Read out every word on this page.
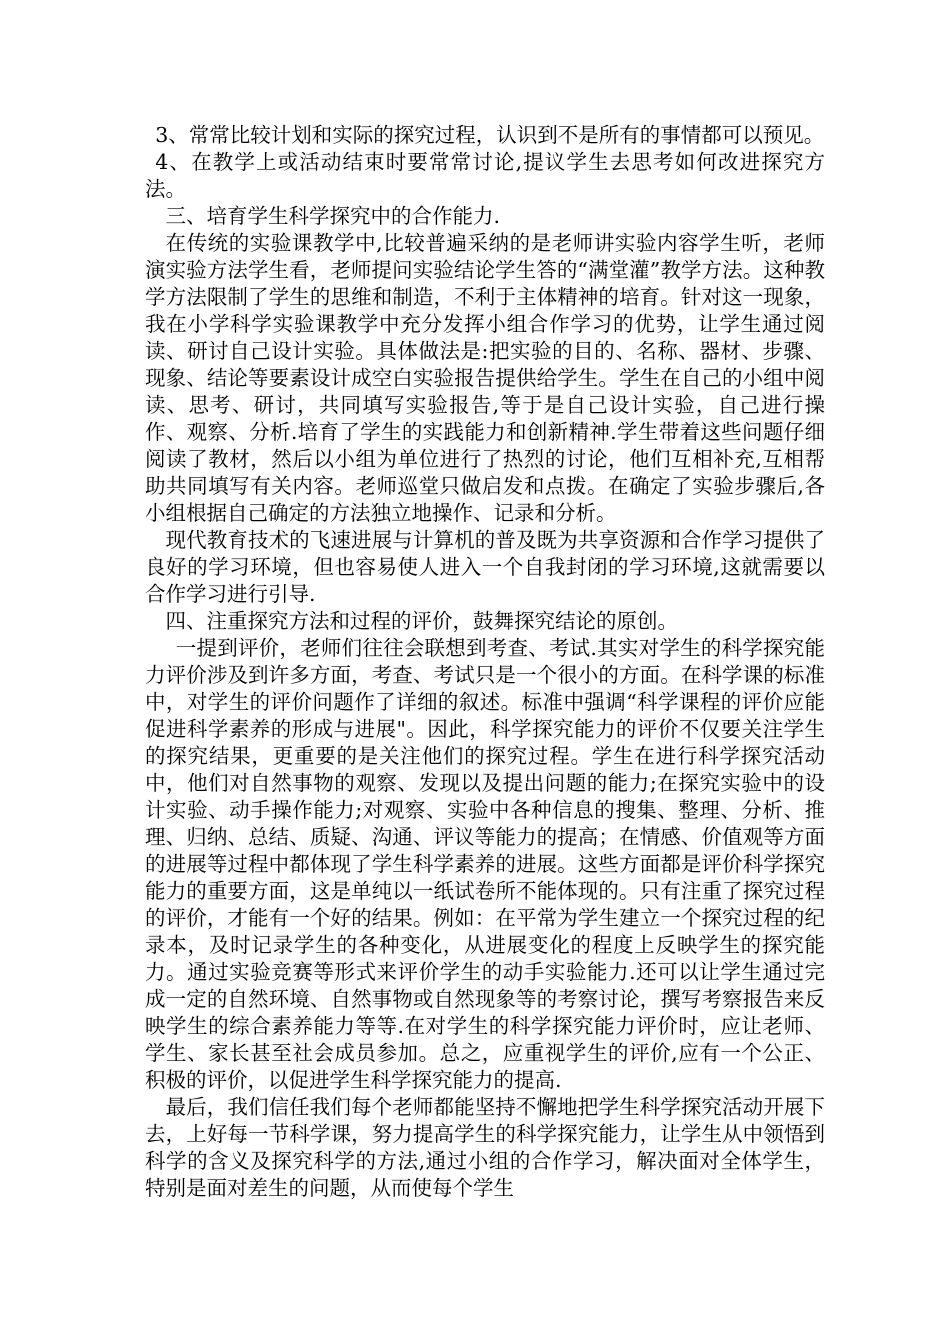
3、常常比较计划和实际的探究过程，认识到不是所有的事情都可以预见。

4、在教学上或活动结束时要常常讨论,提议学生去思考如何改进探究方法。

三、培育学生科学探究中的合作能力.

在传统的实验课教学中,比较普遍采纳的是老师讲实验内容学生听，老师演实验方法学生看，老师提问实验结论学生答的“满堂灌”教学方法。这种教学方法限制了学生的思维和制造，不利于主体精神的培育。针对这一现象，我在小学科学实验课教学中充分发挥小组合作学习的优势，让学生通过阅读、研讨自己设计实验。具体做法是:把实验的目的、名称、器材、步骤、现象、结论等要素设计成空白实验报告提供给学生。学生在自己的小组中阅读、思考、研讨，共同填写实验报告,等于是自己设计实验，自己进行操作、观察、分析.培育了学生的实践能力和创新精神.学生带着这些问题仔细阅读了教材，然后以小组为单位进行了热烈的讨论，他们互相补充,互相帮助共同填写有关内容。老师巡堂只做启发和点拨。在确定了实验步骤后,各小组根据自己确定的方法独立地操作、记录和分析。

现代教育技术的飞速进展与计算机的普及既为共享资源和合作学习提供了良好的学习环境，但也容易使人进入一个自我封闭的学习环境,这就需要以合作学习进行引导.

四、注重探究方法和过程的评价，鼓舞探究结论的原创。

一提到评价，老师们往往会联想到考查、考试.其实对学生的科学探究能力评价涉及到许多方面，考查、考试只是一个很小的方面。在科学课的标准中，对学生的评价问题作了详细的叙述。标准中强调“科学课程的评价应能促进科学素养的形成与进展"。因此，科学探究能力的评价不仅要关注学生的探究结果，更重要的是关注他们的探究过程。学生在进行科学探究活动中，他们对自然事物的观察、发现以及提出问题的能力;在探究实验中的设计实验、动手操作能力;对观察、实验中各种信息的搜集、整理、分析、推理、归纳、总结、质疑、沟通、评议等能力的提高；在情感、价值观等方面的进展等过程中都体现了学生科学素养的进展。这些方面都是评价科学探究能力的重要方面，这是单纯以一纸试卷所不能体现的。只有注重了探究过程的评价，才能有一个好的结果。例如：在平常为学生建立一个探究过程的纪录本，及时记录学生的各种变化，从进展变化的程度上反映学生的探究能力。通过实验竞赛等形式来评价学生的动手实验能力.还可以让学生通过完成一定的自然环境、自然事物或自然现象等的考察讨论，撰写考察报告来反映学生的综合素养能力等等.在对学生的科学探究能力评价时，应让老师、学生、家长甚至社会成员参加。总之，应重视学生的评价,应有一个公正、积极的评价，以促进学生科学探究能力的提高.

最后，我们信任我们每个老师都能坚持不懈地把学生科学探究活动开展下去，上好每一节科学课，努力提高学生的科学探究能力，让学生从中领悟到科学的含义及探究科学的方法,通过小组的合作学习，解决面对全体学生，特别是面对差生的问题，从而使每个学生
